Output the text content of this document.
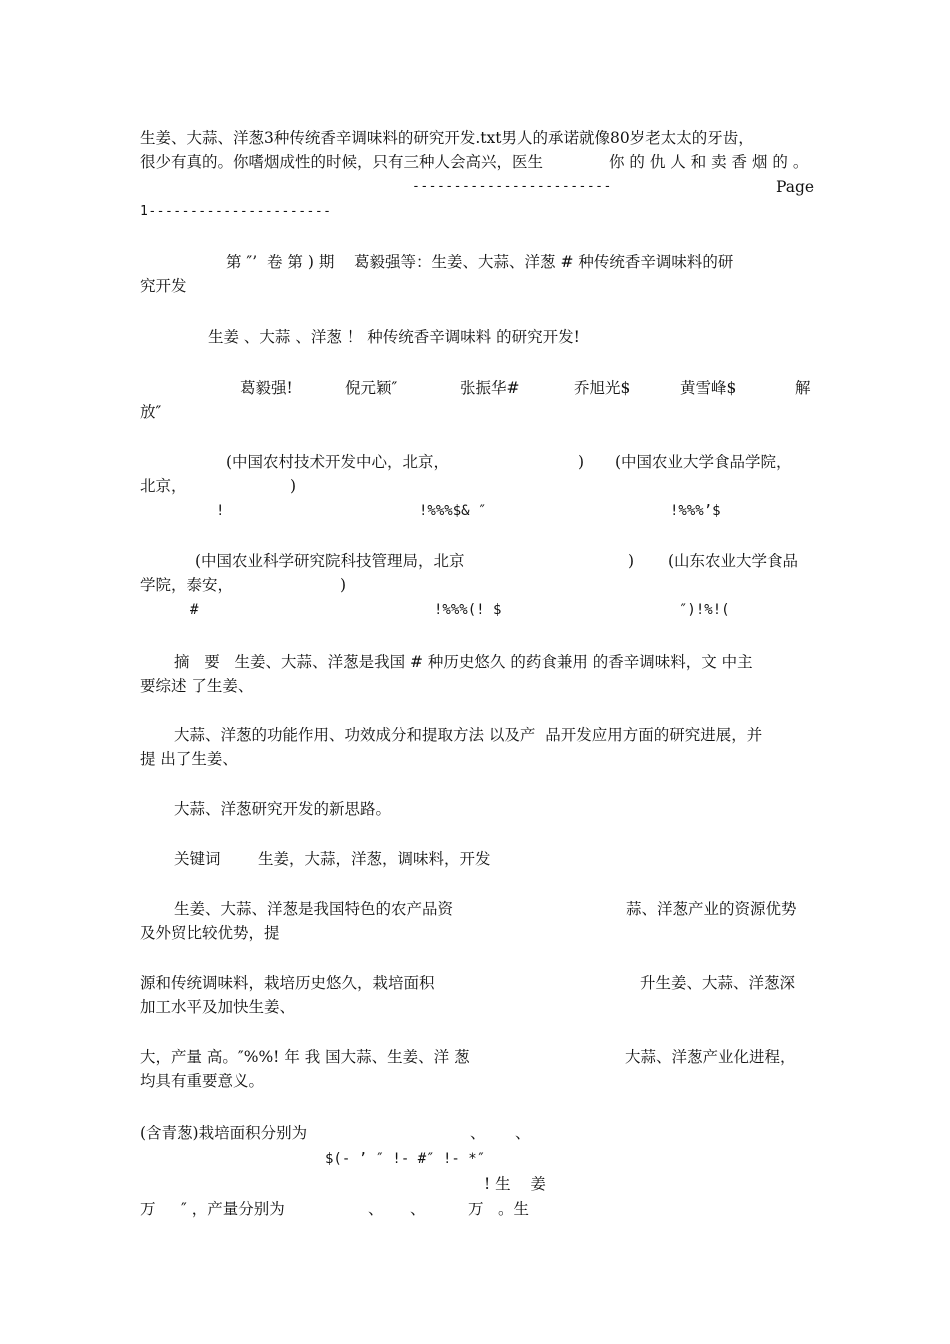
生姜、大蒜、洋葱3种传统香辛调味料的研究开发.txt男人的承诺就像80岁老太太的牙齿，
很少有真的。你嗜烟成性的时候，只有三种人会高兴，医生	你 的 仇 人 和 卖 香 烟 的 。
------------------------	Page
1----------------------
第 ″’  卷 第 ) 期    葛毅强等：生姜、大蒜、洋葱 # 种传统香辛调味料的研
究开发
生姜 、大蒜 、洋葱 ！ 种传统香辛调味料 的研究开发!
葛毅强!	倪元颖″	张振华#	乔旭光$	黄雪峰$	解
放″
(中国农村技术开发中心，北京，	) (中国农业大学食品学院，
北京，	)
!	!%%%$& ″	!%%%’$
(中国农业科学研究院科技管理局，北京	) (山东农业大学食品
学院，泰安，	)
#	!%%%(! $	″)!%!(
摘   要   生姜、大蒜、洋葱是我国 # 种历史悠久 的药食兼用 的香辛调味料，文 中主
要综述 了生姜、
大蒜、洋葱的功能作用、功效成分和提取方法 以及产  品开发应用方面的研究进展，并
提 出了生姜、
大蒜、洋葱研究开发的新思路。
关键词 生姜，大蒜，洋葱，调味料，开发
生姜、大蒜、洋葱是我国特色的农产品资	蒜、洋葱产业的资源优势
及外贸比较优势，提
源和传统调味料，栽培历史悠久，栽培面积	升生姜、大蒜、洋葱深
加工水平及加快生姜、
大，产量 高。″%%! 年 我 国大蒜、生姜、洋 葱	大蒜、洋葱产业化进程，
均具有重要意义。
(含青葱)栽培面积分别为	、 、
$(- ’ ″ !- #″ !- *″
! 生    姜
万 ″ ，产量分别为	、 、	万 。生
